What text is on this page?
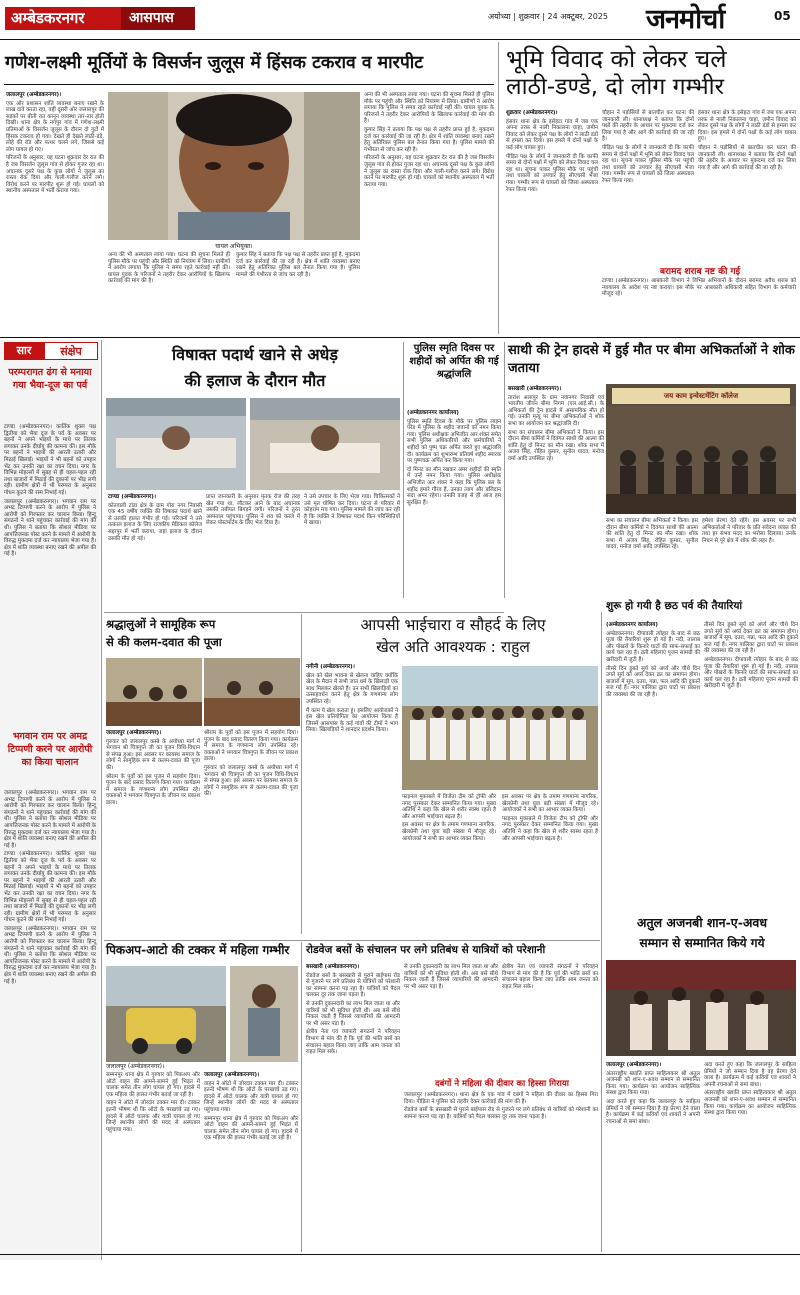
अम्बेडकरनगर	आसपास	अयोध्या | शुक्रवार | 24 अक्टूबर, 2025	जनमोर्चा	05
गणेश-लक्ष्मी मूर्तियों के विसर्जन जुलूस में हिंसक टकराव व मारपीट
जलालपुर (अम्बेडकरनगर)।

एक ओर प्रशासन शांति व्यवस्था बनाए रखने के लाख दावे करता रहा, वहीं दूसरी ओर जलालपुर की सड़कों पर बीती रात कानून व्यवस्था तार-तार होती दिखी। थाना क्षेत्र के नगपुर गांव में गणेश-लक्ष्मी प्रतिमाओं के विसर्जन जुलूस के दौरान दो गुटों में हिंसक टकराव हो गया। देखते ही देखते लाठी-डंडे, लोहे की रॉड और पत्थर चलने लगे, जिससे कई लोग घायल हो गए।

परिजनों के अनुसार, यह घटना शुक्रवार देर रात की है जब विसर्जन जुलूस गांव से होकर गुजर रहा था। अचानक दूसरे पक्ष के कुछ लोगों ने जुलूस का रास्ता रोक दिया और गाली-गलौज करने लगे। विरोध करने पर मारपीट शुरू हो गई। घायलों को स्थानीय अस्पताल में भर्ती कराया गया।

घायल अभियुक्त।

अन्य की भी अस्पताल लाया गया। घटना की सूचना मिलते ही पुलिस मौके पर पहुंची और स्थिति को नियंत्रण में लिया। ग्रामीणों ने आरोप लगाया कि पुलिस ने समय रहते कार्रवाई नहीं की। घायल युवक के परिजनों ने तहरीर देकर आरोपियों के खिलाफ कार्रवाई की मांग की है।

कुमार सिंह ने बताया कि पक्ष पक्ष से तहरीर प्राप्त हुई है, मुकदमा दर्ज कर कार्रवाई की जा रही है। क्षेत्र में शांति व्यवस्था बनाए रखने हेतु अतिरिक्त पुलिस बल तैनात किया गया है। पुलिस मामले की गंभीरता से जांच कर रही है।

अन्य की भी अस्पताल लाया गया। घटना की सूचना मिलते ही पुलिस मौके पर पहुंची और स्थिति को नियंत्रण में लिया। ग्रामीणों ने आरोप लगाया कि पुलिस ने समय रहते कार्रवाई नहीं की। घायल युवक के परिजनों ने तहरीर देकर आरोपियों के खिलाफ कार्रवाई की मांग की है।

कुमार सिंह ने बताया कि पक्ष पक्ष से तहरीर प्राप्त हुई है, मुकदमा दर्ज कर कार्रवाई की जा रही है। क्षेत्र में शांति व्यवस्था बनाए रखने हेतु अतिरिक्त पुलिस बल तैनात किया गया है। पुलिस मामले की गंभीरता से जांच कर रही है।

परिजनों के अनुसार, यह घटना शुक्रवार देर रात की है जब विसर्जन जुलूस गांव से होकर गुजर रहा था। अचानक दूसरे पक्ष के कुछ लोगों ने जुलूस का रास्ता रोक दिया और गाली-गलौज करने लगे। विरोध करने पर मारपीट शुरू हो गई। घायलों को स्थानीय अस्पताल में भर्ती कराया गया।

भूमि विवाद को लेकर चले
लाठी-डण्डे, दो लोग गम्भीर
शुक्रवार (अम्बेडकरनगर)।

हंसवर थाना क्षेत्र के इसेहटा गांव में जब एक अपना तरफ़ से नाली निकालना चाहा, ज़मीन विवाद को लेकर दूसरे पक्ष के लोगों ने लाठी डंडों से हमला कर दिया। इस हमले में दोनों पक्षों के कई लोग घायल हुए।

पीड़ित पक्ष के लोगों ने जानकारी दी कि काफी समय से दोनों पक्षों में भूमि को लेकर विवाद चल रहा था। सूचना पाकर पुलिस मौके पर पहुंची तथा घायलों को उपचार हेतु सीएचसी भेजा गया। गम्भीर रूप से घायलों को जिला अस्पताल रेफर किया गया।

चौहान ने पड़ोसियों से बातचीत कर घटना की जानकारी ली। थानाध्यक्ष ने बताया कि दोनों पक्षों की तहरीर के आधार पर मुकदमा दर्ज कर लिया गया है और आगे की कार्रवाई की जा रही है।

पीड़ित पक्ष के लोगों ने जानकारी दी कि काफी समय से दोनों पक्षों में भूमि को लेकर विवाद चल रहा था। सूचना पाकर पुलिस मौके पर पहुंची तथा घायलों को उपचार हेतु सीएचसी भेजा गया। गम्भीर रूप से घायलों को जिला अस्पताल रेफर किया गया।

हंसवर थाना क्षेत्र के इसेहटा गांव में जब एक अपना तरफ़ से नाली निकालना चाहा, ज़मीन विवाद को लेकर दूसरे पक्ष के लोगों ने लाठी डंडों से हमला कर दिया। इस हमले में दोनों पक्षों के कई लोग घायल हुए।

चौहान ने पड़ोसियों से बातचीत कर घटना की जानकारी ली। थानाध्यक्ष ने बताया कि दोनों पक्षों की तहरीर के आधार पर मुकदमा दर्ज कर लिया गया है और आगे की कार्रवाई की जा रही है।

बरामद शराब नष्ट की गई

टाण्डा (अम्बेडकरनगर)। आबकारी विभाग ने विभिन्न अभियानों के दौरान बरामद अवैध शराब को न्यायालय के आदेश पर नष्ट कराया। इस मौके पर आबकारी अधिकारी सहित विभाग के कर्मचारी मौजूद रहे।

सार	संक्षेप
परम्परागत ढंग से मनाया गया भैया-दूज का पर्व

टाण्डा (अम्बेडकरनगर)। कार्तिक शुक्ल पक्ष द्वितीया को भैया दूज के पर्व के अवसर पर बहनों ने अपने भाइयों के माथे पर तिलक लगाकर उनके दीर्घायु की कामना की। इस मौके पर बहनों ने भाइयों की आरती उतारी और मिठाई खिलाई। भाइयों ने भी बहनों को उपहार भेंट कर उनकी रक्षा का वचन दिया। नगर के विभिन्न मोहल्लों में सुबह से ही चहल-पहल रही तथा बाजारों में मिठाई की दुकानों पर भीड़ लगी रही। ग्रामीण क्षेत्रों में भी परम्परा के अनुसार गोधन कूटने की रस्म निभाई गई।

जलालपुर (अम्बेडकरनगर)। भगवान राम पर अभद्र टिप्पणी करने के आरोप में पुलिस ने आरोपी को गिरफ्तार कर चालान किया। हिन्दू संगठनों ने थाने पहुंचकर कार्रवाई की मांग की थी। पुलिस ने बताया कि सोशल मीडिया पर आपत्तिजनक पोस्ट करने के मामले में आरोपी के विरुद्ध मुकदमा दर्ज कर न्यायालय भेजा गया है। क्षेत्र में शांति व्यवस्था बनाए रखने की अपील की गई है।

भगवान राम पर अमद्र टिप्पणी करने पर आरोपी का किया चालान

जलालपुर (अम्बेडकरनगर)। भगवान राम पर अभद्र टिप्पणी करने के आरोप में पुलिस ने आरोपी को गिरफ्तार कर चालान किया। हिन्दू संगठनों ने थाने पहुंचकर कार्रवाई की मांग की थी। पुलिस ने बताया कि सोशल मीडिया पर आपत्तिजनक पोस्ट करने के मामले में आरोपी के विरुद्ध मुकदमा दर्ज कर न्यायालय भेजा गया है। क्षेत्र में शांति व्यवस्था बनाए रखने की अपील की गई है।

टाण्डा (अम्बेडकरनगर)। कार्तिक शुक्ल पक्ष द्वितीया को भैया दूज के पर्व के अवसर पर बहनों ने अपने भाइयों के माथे पर तिलक लगाकर उनके दीर्घायु की कामना की। इस मौके पर बहनों ने भाइयों की आरती उतारी और मिठाई खिलाई। भाइयों ने भी बहनों को उपहार भेंट कर उनकी रक्षा का वचन दिया। नगर के विभिन्न मोहल्लों में सुबह से ही चहल-पहल रही तथा बाजारों में मिठाई की दुकानों पर भीड़ लगी रही। ग्रामीण क्षेत्रों में भी परम्परा के अनुसार गोधन कूटने की रस्म निभाई गई।

जलालपुर (अम्बेडकरनगर)। भगवान राम पर अभद्र टिप्पणी करने के आरोप में पुलिस ने आरोपी को गिरफ्तार कर चालान किया। हिन्दू संगठनों ने थाने पहुंचकर कार्रवाई की मांग की थी। पुलिस ने बताया कि सोशल मीडिया पर आपत्तिजनक पोस्ट करने के मामले में आरोपी के विरुद्ध मुकदमा दर्ज कर न्यायालय भेजा गया है। क्षेत्र में शांति व्यवस्था बनाए रखने की अपील की गई है।

विषाक्त पदार्थ खाने से अधेड़
की इलाज के दौरान मौत
टाण्डा (अम्बेडकरनगर)।

कोतवाली टांडा क्षेत्र के ग्राम गोरा नगर निवासी एक 45 वर्षीय व्यक्ति की विषाक्त पदार्थ खाने से उसकी हालत गंभीर हो गई। परिजनों ने उसे तत्काल इलाज के लिए राजकीय मेडिकल कॉलेज सद्दरपुर में भर्ती कराया, जहां इलाज के दौरान उसकी मौत हो गई।

प्राप्त जानकारी के अनुसार मृतक रोज की तरह खेत गया था, लौटकर आने के बाद अचानक उसकी तबीयत बिगड़ने लगी। परिजनों ने तुरंत अस्पताल पहुंचाया। पुलिस ने शव को कब्जे में लेकर पोस्टमार्टम के लिए भेज दिया है।

ने उसे उपचार के लिए भेजा गया। चिकित्सकों ने उसे मृत घोषित कर दिया। घटना से परिवार में कोहराम मच गया। पुलिस मामले की जांच कर रही है कि व्यक्ति ने विषाक्त पदार्थ किन परिस्थितियों में खाया।

पुलिस स्मृति दिवस पर शहीदों को अर्पित की गई श्रद्धांजलि
(अम्बेडकरनगर कार्यालय)

पुलिस स्मृति दिवस के मौके पर पुलिस लाइन परेड में पुलिस के शहीद जवानों को नमन किया गया। पुलिस अधीक्षक अभिजीत आर शंकर समेत सभी पुलिस अधिकारियों और कर्मचारियों ने शहीदों को पुष्प चक्र अर्पित करते हुए श्रद्धांजलि दी। कार्यक्रम का शुभारम्भ प्रतिवर्ष शहीद स्मारक पर पुष्पचक्र अर्पित कर किया गया।

दो मिनट का मौन रखकर अमर शहीदों की स्मृति में उन्हें नमन किया गया। पुलिस अधीक्षक अभिजीत आर शंकर ने कहा कि पुलिस बल के शहीद हमारे गौरव हैं, उनका त्याग और बलिदान सदा अमर रहेगा। उनकी वजह से ही आज हम सुरक्षित हैं।

साथी की ट्रेन हादसे में हुई मौत पर बीमा अभिकर्ताओं ने शोक जताया
बसखारी (अम्बेडकरनगर)।

तारांश अलापुर के ग्राम नवानगर निवासी एवं भारतीय जीवन बीमा निगम (एल.आई.सी.) के अभिकर्ता की ट्रेन हादसे में असामयिक मौत हो गई। उनकी मृत्यु पर बीमा अभिकर्ताओं ने शोक सभा का आयोजन कर श्रद्धांजलि दी।

सभा का संचालन बीमा अभिकर्ता ने किया। इस दौरान बीमा कर्मियों ने दिवंगत साथी की आत्मा की शांति हेतु दो मिनट का मौन रखा। शोक सभा में अजय सिंह, रोहित कुमार, सुनील यादव, मनोज वर्मा आदि उपस्थित रहे।

जय काम इन्वेस्टमेंटिंग कॉलेज

सभा का संचालन बीमा अभिकर्ता ने किया। इस दौरान बीमा कर्मियों ने दिवंगत साथी की आत्मा की शांति हेतु दो मिनट का मौन रखा। शोक सभा में अजय सिंह, रोहित कुमार, सुनील यादव, मनोज वर्मा आदि उपस्थित रहे।

हमेशा प्रेरणा देते रहेंगे। इस अवसर पर सभी अभिकर्ताओं ने परिवार के प्रति संवेदना व्यक्त की तथा हर संभव मदद का भरोसा दिलाया। उनके निधन से पूरे क्षेत्र में शोक की लहर है।

श्रद्धालुओं ने सामूहिक रूप
से की कलम-दवात की पूजा
जलालपुर (अम्बेडकरनगर)।

गुरुवार को जलालपुर कस्बे के अयोध्या मार्ग में भगवान श्री चित्रगुप्त जी का पूजन विधि-विधान से संपन्न हुआ। इस अवसर पर कायस्थ समाज के लोगों ने सामूहिक रूप से कलम-दवात की पूजा की।

श्रीराम के पूर्वों को इस पूजन में सहयोग दिया। पूजन के बाद प्रसाद वितरण किया गया। कार्यक्रम में समाज के गणमान्य लोग उपस्थित रहे। वक्ताओं ने भगवान चित्रगुप्त के जीवन पर प्रकाश डाला।

श्रीराम के पूर्वों को इस पूजन में सहयोग दिया। पूजन के बाद प्रसाद वितरण किया गया। कार्यक्रम में समाज के गणमान्य लोग उपस्थित रहे। वक्ताओं ने भगवान चित्रगुप्त के जीवन पर प्रकाश डाला।

गुरुवार को जलालपुर कस्बे के अयोध्या मार्ग में भगवान श्री चित्रगुप्त जी का पूजन विधि-विधान से संपन्न हुआ। इस अवसर पर कायस्थ समाज के लोगों ने सामूहिक रूप से कलम-दवात की पूजा की।

आपसी भाईचारा व सौहर्द के लिए
खेल अति आवश्यक : राहुल
नगीनी (अम्बेडकरनगर)।

खेल को खेल भावना से खेलना चाहिए क्योंकि खेल के मैदान में सभी जात धर्म के खिलाड़ी एक साथ मिलकर खेलते हैं। उन सभी खिलाड़ियों का उत्साहवर्धन करने हेतु क्षेत्र के गणमान्य लोग उपस्थित रहे।

मैं काम ये खेल कराता हूं। इसलिए आयोजकों ने इस खेल प्रतियोगिता का आयोजन किया है जिसमें आसपास के कई गांवों की टीमों ने भाग लिया। खिलाड़ियों ने शानदार प्रदर्शन किया।

फाइनल मुकाबले में विजेता टीम को ट्रॉफी और नगद पुरस्कार देकर सम्मानित किया गया। मुख्य अतिथि ने कहा कि खेल से शरीर स्वस्थ रहता है और आपसी भाईचारा बढ़ता है।

इस अवसर पर क्षेत्र के तमाम गणमान्य नागरिक, खेलप्रेमी तथा युवा बड़ी संख्या में मौजूद रहे। आयोजकों ने सभी का आभार व्यक्त किया।

इस अवसर पर क्षेत्र के तमाम गणमान्य नागरिक, खेलप्रेमी तथा युवा बड़ी संख्या में मौजूद रहे। आयोजकों ने सभी का आभार व्यक्त किया।

फाइनल मुकाबले में विजेता टीम को ट्रॉफी और नगद पुरस्कार देकर सम्मानित किया गया। मुख्य अतिथि ने कहा कि खेल से शरीर स्वस्थ रहता है और आपसी भाईचारा बढ़ता है।

शुरू हो गयी है छठ पर्व की तैयारियां
(अम्बेडकरनगर कार्यालय)

अम्बेडकरनगर। दीपावली त्योहार के बाद से छठ पूजा की तैयारियां शुरू हो गई हैं। नदी, तालाब और पोखरों के किनारे घाटों की साफ-सफाई का कार्य चल रहा है। व्रती महिलाएं पूजन सामग्री की खरीदारी में जुटी हैं।

तीसरे दिन डूबते सूर्य को अर्घ्य और चौथे दिन उगते सूर्य को अर्घ्य देकर व्रत का समापन होगा। बाजारों में सूप, दउरा, गन्ना, फल आदि की दुकानें सज गई हैं। नगर पालिका द्वारा घाटों पर प्रकाश की व्यवस्था की जा रही है।

तीसरे दिन डूबते सूर्य को अर्घ्य और चौथे दिन उगते सूर्य को अर्घ्य देकर व्रत का समापन होगा। बाजारों में सूप, दउरा, गन्ना, फल आदि की दुकानें सज गई हैं। नगर पालिका द्वारा घाटों पर प्रकाश की व्यवस्था की जा रही है।

अम्बेडकरनगर। दीपावली त्योहार के बाद से छठ पूजा की तैयारियां शुरू हो गई हैं। नदी, तालाब और पोखरों के किनारे घाटों की साफ-सफाई का कार्य चल रहा है। व्रती महिलाएं पूजन सामग्री की खरीदारी में जुटी हैं।

अतुल अजनबी शान-ए-अवध
सम्मान से सम्मानित किये गये
जलालपुर (अम्बेडकरनगर)।

अंतरराष्ट्रीय ख्याति प्राप्त साहित्यकार श्री अतुल अजनबी को शान-ए-अवध सम्मान से सम्मानित किया गया। कार्यक्रम का आयोजन साहित्यिक संस्था द्वारा किया गया।

अदा करते हुए कहा कि जलालपुर के साहित्य प्रेमियों ने जो सम्मान दिया है वह प्रेरणा देने वाला है। कार्यक्रम में कई कवियों एवं शायरों ने अपनी रचनाओं से समां बांधा।

अदा करते हुए कहा कि जलालपुर के साहित्य प्रेमियों ने जो सम्मान दिया है वह प्रेरणा देने वाला है। कार्यक्रम में कई कवियों एवं शायरों ने अपनी रचनाओं से समां बांधा।

अंतरराष्ट्रीय ख्याति प्राप्त साहित्यकार श्री अतुल अजनबी को शान-ए-अवध सम्मान से सम्मानित किया गया। कार्यक्रम का आयोजन साहित्यिक संस्था द्वारा किया गया।

पिकअप-आटो की टक्कर में महिला गम्भीर
जलालपुर (अम्बेडकरनगर)।

सम्मनपुर थाना क्षेत्र में गुरुवार को पिकअप और ऑटो वाहन की आमने-सामने हुई भिड़ंत में चालक समेत तीन लोग घायल हो गए। हादसे में एक महिला की हालत गंभीर बताई जा रही है।

वाहन ने ऑटो में जोरदार टक्कर मार दी। टक्कर इतनी भीषण थी कि ऑटो के परखच्चे उड़ गए। हादसे में ऑटो चालक और यात्री घायल हो गए जिन्हें स्थानीय लोगों की मदद से अस्पताल पहुंचाया गया।

जलालपुर (अम्बेडकरनगर)।

वाहन ने ऑटो में जोरदार टक्कर मार दी। टक्कर इतनी भीषण थी कि ऑटो के परखच्चे उड़ गए। हादसे में ऑटो चालक और यात्री घायल हो गए जिन्हें स्थानीय लोगों की मदद से अस्पताल पहुंचाया गया।

सम्मनपुर थाना क्षेत्र में गुरुवार को पिकअप और ऑटो वाहन की आमने-सामने हुई भिड़ंत में चालक समेत तीन लोग घायल हो गए। हादसे में एक महिला की हालत गंभीर बताई जा रही है।

रोडवेज बसों के संचालन पर लगे प्रतिबंध से यात्रियों को परेशानी
बसखारी (अम्बेडकरनगर)।

रोडवेज बसों के बसखारी से पुराने बाईपास रोड से गुजरने पर लगे प्रतिबंध से यात्रियों को परेशानी का सामना करना पड़ रहा है। यात्रियों को पैदल चलकर दूर तक जाना पड़ता है।

से उनकी दुकानदारी का लाभ मिल जाता था और यात्रियों को भी सुविधा होती थी। अब बसें सीधे निकल जाती हैं जिससे व्यापारियों की आमदनी पर भी असर पड़ा है।

क्षेत्रीय नेता एवं व्यापारी संगठनों ने परिवहन विभाग से मांग की है कि पूर्व की भांति बसों का संचालन बहाल किया जाए ताकि आम जनता को राहत मिल सके।

से उनकी दुकानदारी का लाभ मिल जाता था और यात्रियों को भी सुविधा होती थी। अब बसें सीधे निकल जाती हैं जिससे व्यापारियों की आमदनी पर भी असर पड़ा है।

क्षेत्रीय नेता एवं व्यापारी संगठनों ने परिवहन विभाग से मांग की है कि पूर्व की भांति बसों का संचालन बहाल किया जाए ताकि आम जनता को राहत मिल सके।

दबंगों ने महिला की दीवार का हिस्सा गिराया

जलालपुर (अम्बेडकरनगर)। थाना क्षेत्र के एक गांव में दबंगों ने महिला की दीवार का हिस्सा गिरा दिया। पीड़िता ने पुलिस को तहरीर देकर कार्रवाई की मांग की है।

रोडवेज बसों के बसखारी से पुराने बाईपास रोड से गुजरने पर लगे प्रतिबंध से यात्रियों को परेशानी का सामना करना पड़ रहा है। यात्रियों को पैदल चलकर दूर तक जाना पड़ता है।
